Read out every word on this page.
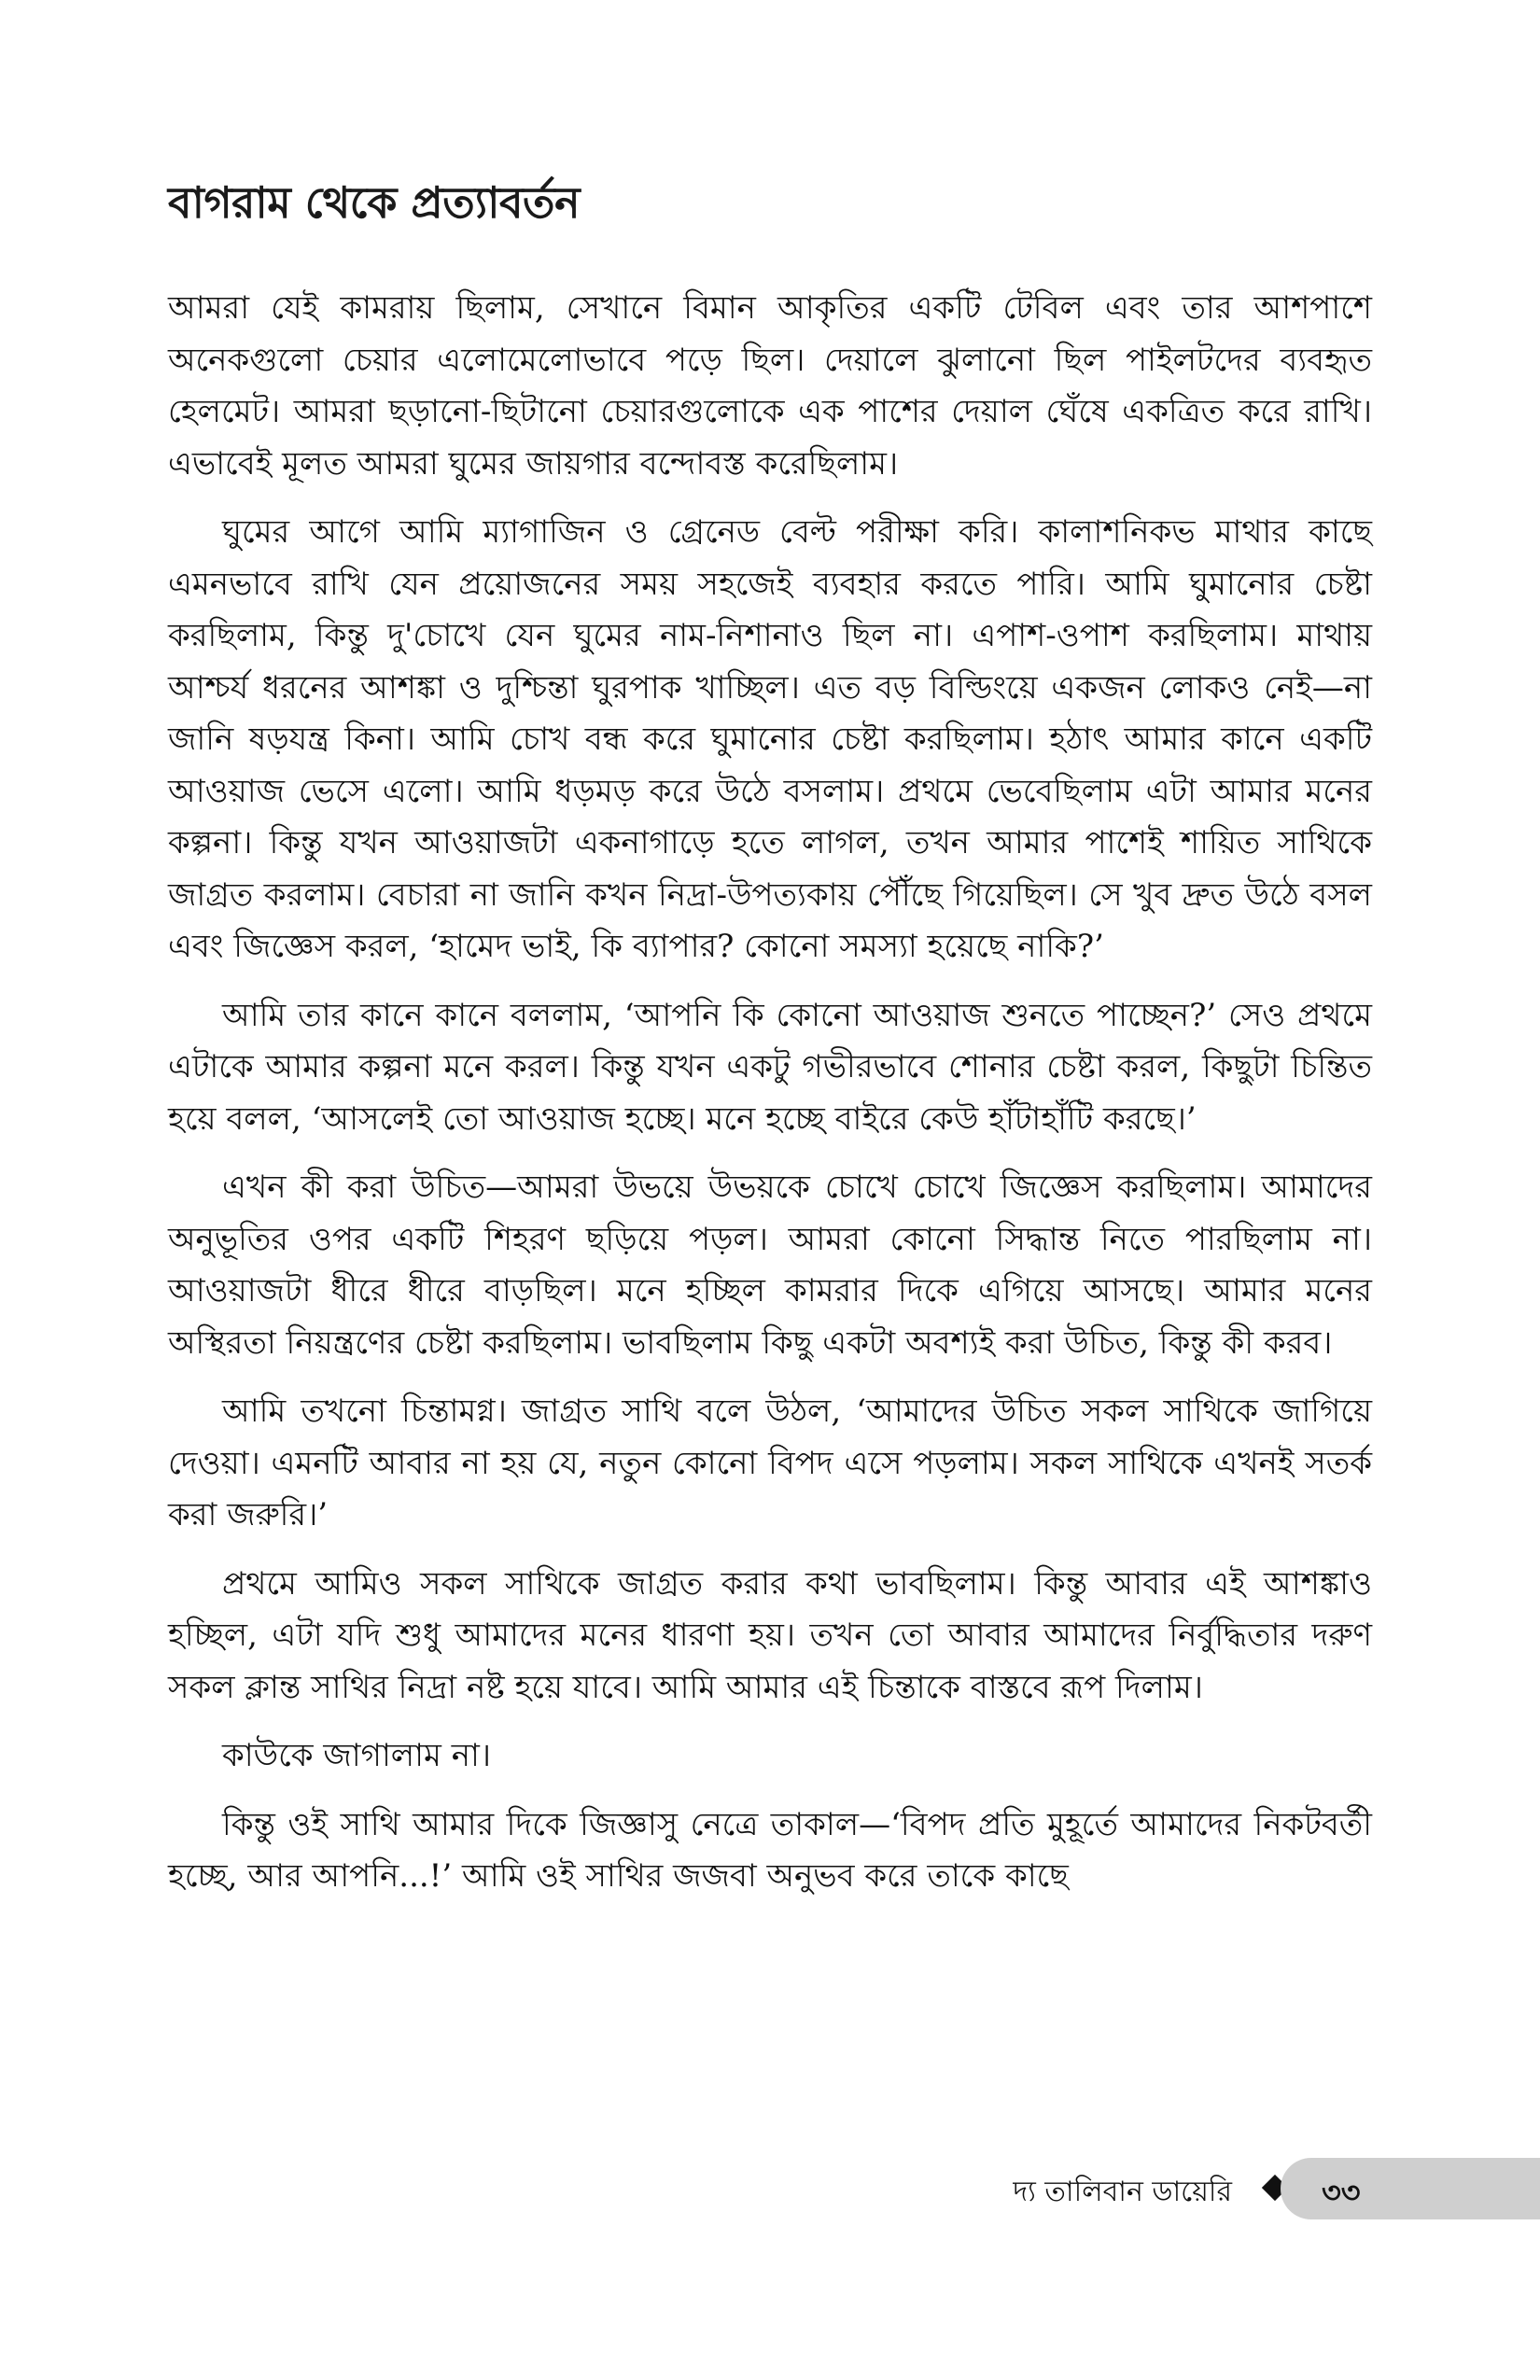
বাগরাম থেকে প্রত্যাবর্তন

আমরা যেই কামরায় ছিলাম, সেখানে বিমান আকৃতির একটি টেবিল এবং তার আশপাশে অনেকগুলো চেয়ার এলোমেলোভাবে পড়ে ছিল। দেয়ালে ঝুলানো ছিল পাইলটদের ব্যবহৃত হেলমেট। আমরা ছড়ানো-ছিটানো চেয়ারগুলোকে এক পাশের দেয়াল ঘেঁষে একত্রিত করে রাখি। এভাবেই মূলত আমরা ঘুমের জায়গার বন্দোবস্ত করেছিলাম।

ঘুমের আগে আমি ম্যাগাজিন ও গ্রেনেড বেল্ট পরীক্ষা করি। কালাশনিকভ মাথার কাছে এমনভাবে রাখি যেন প্রয়োজনের সময় সহজেই ব্যবহার করতে পারি। আমি ঘুমানোর চেষ্টা করছিলাম, কিন্তু দু'চোখে যেন ঘুমের নাম-নিশানাও ছিল না। এপাশ-ওপাশ করছিলাম। মাথায় আশ্চর্য ধরনের আশঙ্কা ও দুশ্চিন্তা ঘুরপাক খাচ্ছিল। এত বড় বিল্ডিংয়ে একজন লোকও নেই—না জানি ষড়যন্ত্র কিনা। আমি চোখ বন্ধ করে ঘুমানোর চেষ্টা করছিলাম। হঠাৎ আমার কানে একটি আওয়াজ ভেসে এলো। আমি ধড়মড় করে উঠে বসলাম। প্রথমে ভেবেছিলাম এটা আমার মনের কল্পনা। কিন্তু যখন আওয়াজটা একনাগাড়ে হতে লাগল, তখন আমার পাশেই শায়িত সাথিকে জাগ্রত করলাম। বেচারা না জানি কখন নিদ্রা-উপত্যকায় পৌঁছে গিয়েছিল। সে খুব দ্রুত উঠে বসল এবং জিজ্ঞেস করল, ‘হামেদ ভাই, কি ব্যাপার? কোনো সমস্যা হয়েছে নাকি?’

আমি তার কানে কানে বললাম, ‘আপনি কি কোনো আওয়াজ শুনতে পাচ্ছেন?’ সেও প্রথমে এটাকে আমার কল্পনা মনে করল। কিন্তু যখন একটু গভীরভাবে শোনার চেষ্টা করল, কিছুটা চিন্তিত হয়ে বলল, ‘আসলেই তো আওয়াজ হচ্ছে। মনে হচ্ছে বাইরে কেউ হাঁটাহাঁটি করছে।’

এখন কী করা উচিত—আমরা উভয়ে উভয়কে চোখে চোখে জিজ্ঞেস করছিলাম। আমাদের অনুভূতির ওপর একটি শিহরণ ছড়িয়ে পড়ল। আমরা কোনো সিদ্ধান্ত নিতে পারছিলাম না। আওয়াজটা ধীরে ধীরে বাড়ছিল। মনে হচ্ছিল কামরার দিকে এগিয়ে আসছে। আমার মনের অস্থিরতা নিয়ন্ত্রণের চেষ্টা করছিলাম। ভাবছিলাম কিছু একটা অবশ্যই করা উচিত, কিন্তু কী করব।

আমি তখনো চিন্তামগ্ন। জাগ্রত সাথি বলে উঠল, ‘আমাদের উচিত সকল সাথিকে জাগিয়ে দেওয়া। এমনটি আবার না হয় যে, নতুন কোনো বিপদ এসে পড়লাম। সকল সাথিকে এখনই সতর্ক করা জরুরি।’

প্রথমে আমিও সকল সাথিকে জাগ্রত করার কথা ভাবছিলাম। কিন্তু আবার এই আশঙ্কাও হচ্ছিল, এটা যদি শুধু আমাদের মনের ধারণা হয়। তখন তো আবার আমাদের নির্বুদ্ধিতার দরুণ সকল ক্লান্ত সাথির নিদ্রা নষ্ট হয়ে যাবে। আমি আমার এই চিন্তাকে বাস্তবে রূপ দিলাম।

কাউকে জাগালাম না।

কিন্তু ওই সাথি আমার দিকে জিজ্ঞাসু নেত্রে তাকাল—‘বিপদ প্রতি মুহূর্তে আমাদের নিকটবর্তী হচ্ছে, আর আপনি...!’ আমি ওই সাথির জজবা অনুভব করে তাকে কাছে

দ্য তালিবান ডায়েরি	৩৩
